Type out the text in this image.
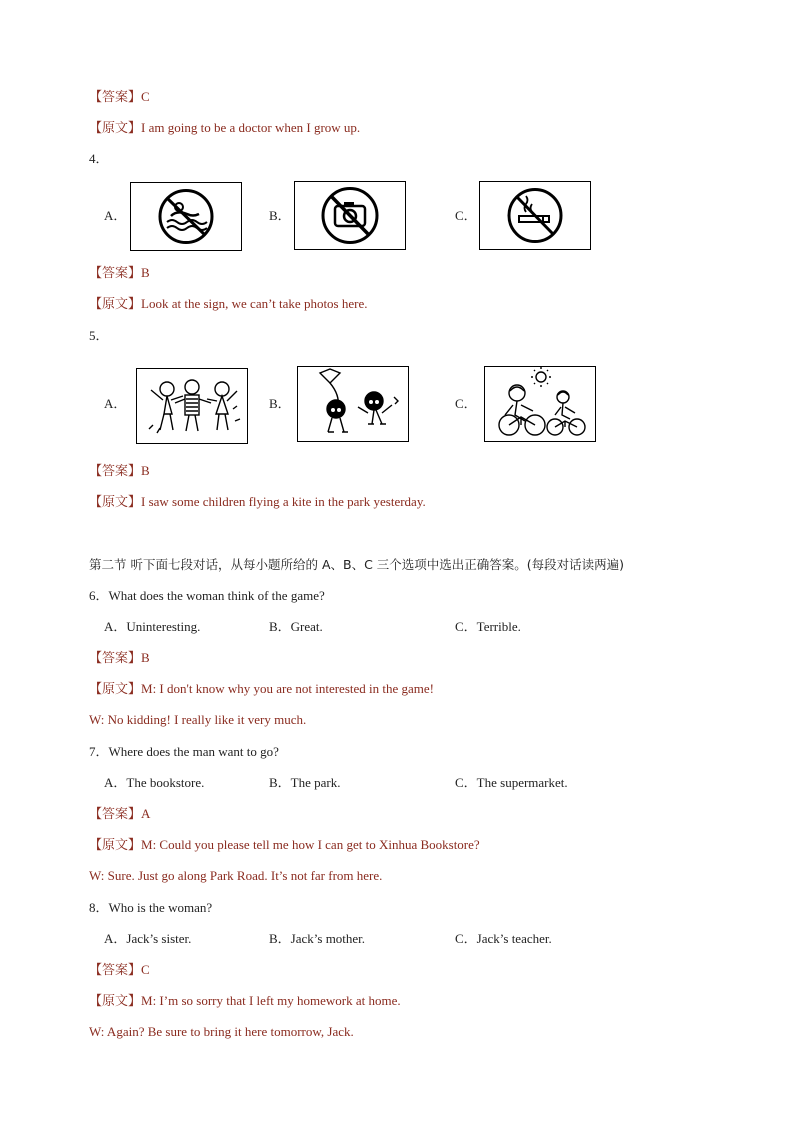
【答案】C
【原文】I am going to be a doctor when I grow up.
4．
A．	B．	C．
【答案】B
【原文】Look at the sign, we can’t take photos here.
5．
A．	B．	C．
【答案】B
【原文】I saw some children flying a kite in the park yesterday.
第二节 听下面七段对话，从每小题所给的 A、B、C 三个选项中选出正确答案。(每段对话读两遍)
6．What does the woman think of the game?
A．Uninteresting.	B．Great.	C．Terrible.
【答案】B
【原文】M: I don't know why you are not interested in the game!
W: No kidding! I really like it very much.
7．Where does the man want to go?
A．The bookstore.	B．The park.	C．The supermarket.
【答案】A
【原文】M: Could you please tell me how I can get to Xinhua Bookstore?
W: Sure. Just go along Park Road. It’s not far from here.
8．Who is the woman?
A．Jack’s sister.	B．Jack’s mother.	C．Jack’s teacher.
【答案】C
【原文】M: I’m so sorry that I left my homework at home.
W: Again? Be sure to bring it here tomorrow, Jack.
